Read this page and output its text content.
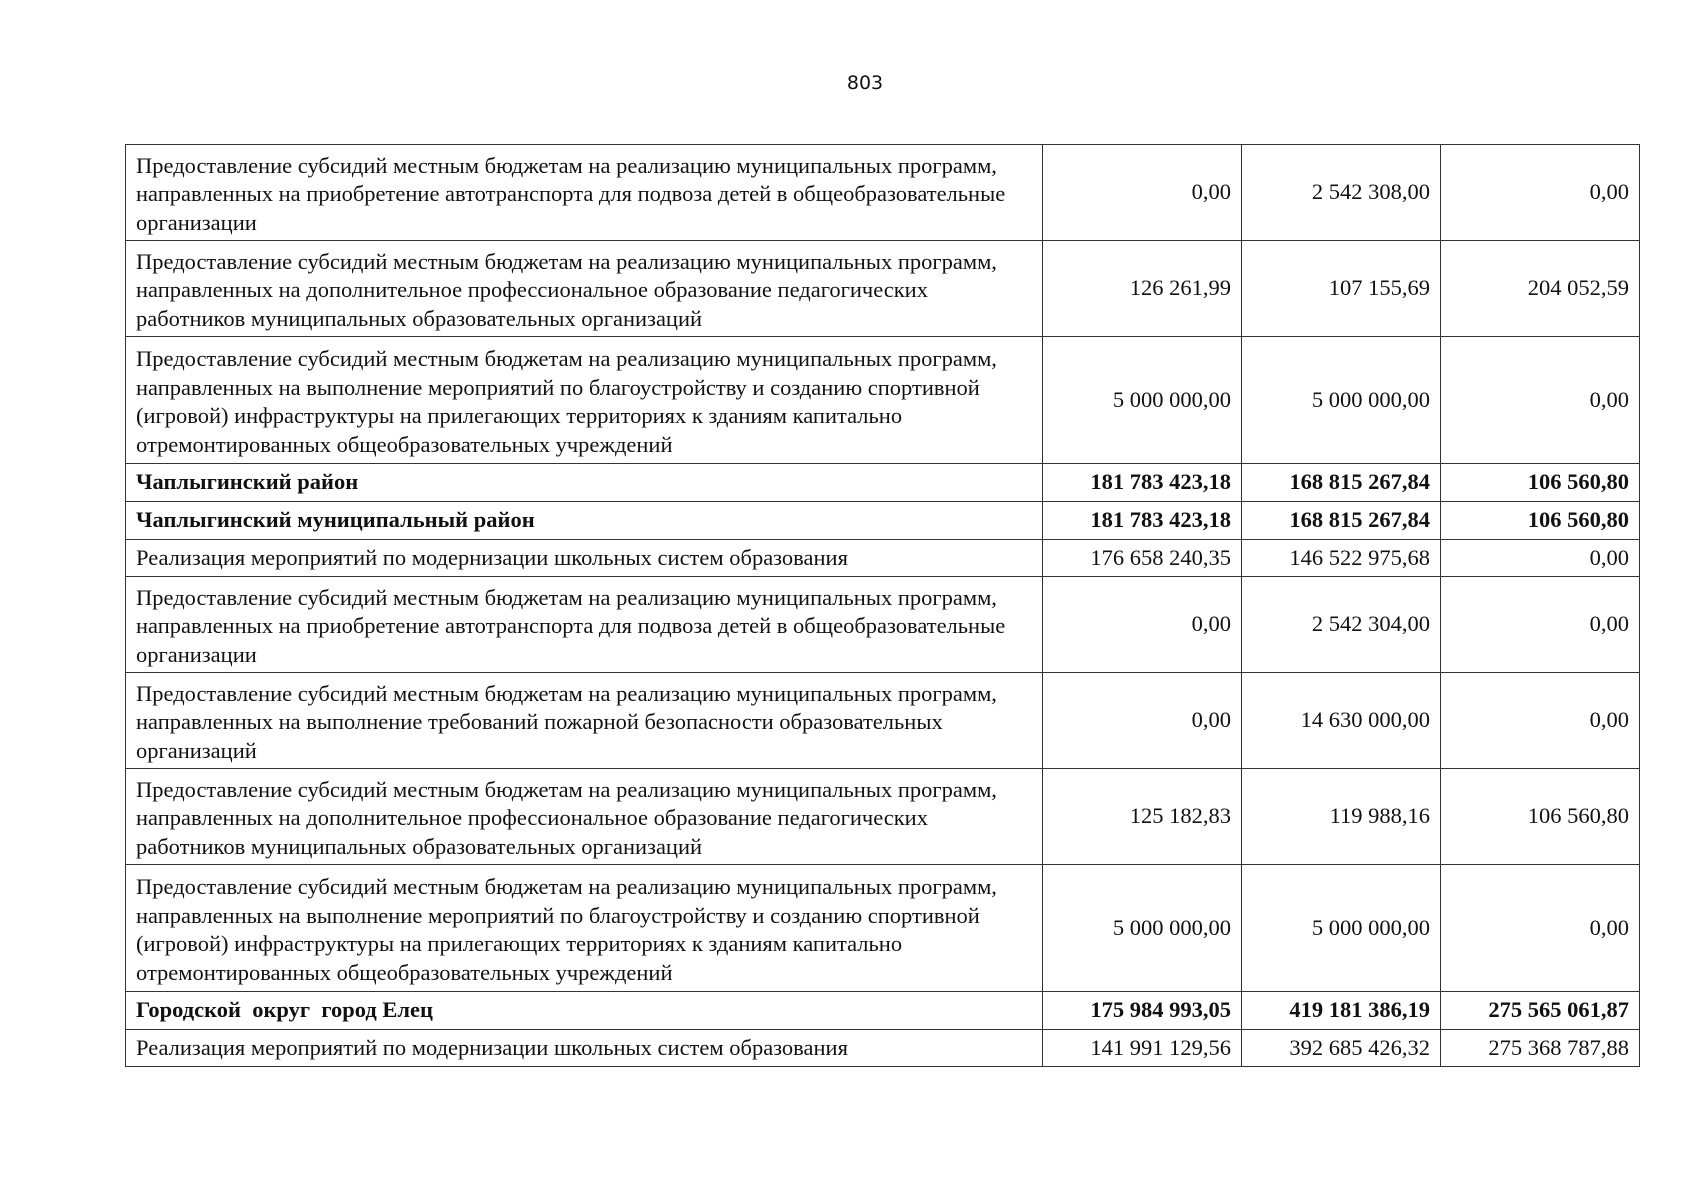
803
Предоставление субсидий местным бюджетам на реализацию муниципальных программ, направленных на приобретение автотранспорта для подвоза детей в общеобразовательные организации	0,00	2 542 308,00	0,00
Предоставление субсидий местным бюджетам на реализацию муниципальных программ, направленных на дополнительное профессиональное образование педагогических работников муниципальных образовательных организаций	126 261,99	107 155,69	204 052,59
Предоставление субсидий местным бюджетам на реализацию муниципальных программ, направленных на выполнение мероприятий по благоустройству и созданию спортивной (игровой) инфраструктуры на прилегающих территориях к зданиям капитально отремонтированных общеобразовательных учреждений	5 000 000,00	5 000 000,00	0,00
Чаплыгинский район	181 783 423,18	168 815 267,84	106 560,80
Чаплыгинский муниципальный район	181 783 423,18	168 815 267,84	106 560,80
Реализация мероприятий по модернизации школьных систем образования	176 658 240,35	146 522 975,68	0,00
Предоставление субсидий местным бюджетам на реализацию муниципальных программ, направленных на приобретение автотранспорта для подвоза детей в общеобразовательные организации	0,00	2 542 304,00	0,00
Предоставление субсидий местным бюджетам на реализацию муниципальных программ, направленных на выполнение требований пожарной безопасности образовательных организаций	0,00	14 630 000,00	0,00
Предоставление субсидий местным бюджетам на реализацию муниципальных программ, направленных на дополнительное профессиональное образование педагогических работников муниципальных образовательных организаций	125 182,83	119 988,16	106 560,80
Предоставление субсидий местным бюджетам на реализацию муниципальных программ, направленных на выполнение мероприятий по благоустройству и созданию спортивной (игровой) инфраструктуры на прилегающих территориях к зданиям капитально отремонтированных общеобразовательных учреждений	5 000 000,00	5 000 000,00	0,00
Городской  округ  город Елец	175 984 993,05	419 181 386,19	275 565 061,87
Реализация мероприятий по модернизации школьных систем образования	141 991 129,56	392 685 426,32	275 368 787,88
